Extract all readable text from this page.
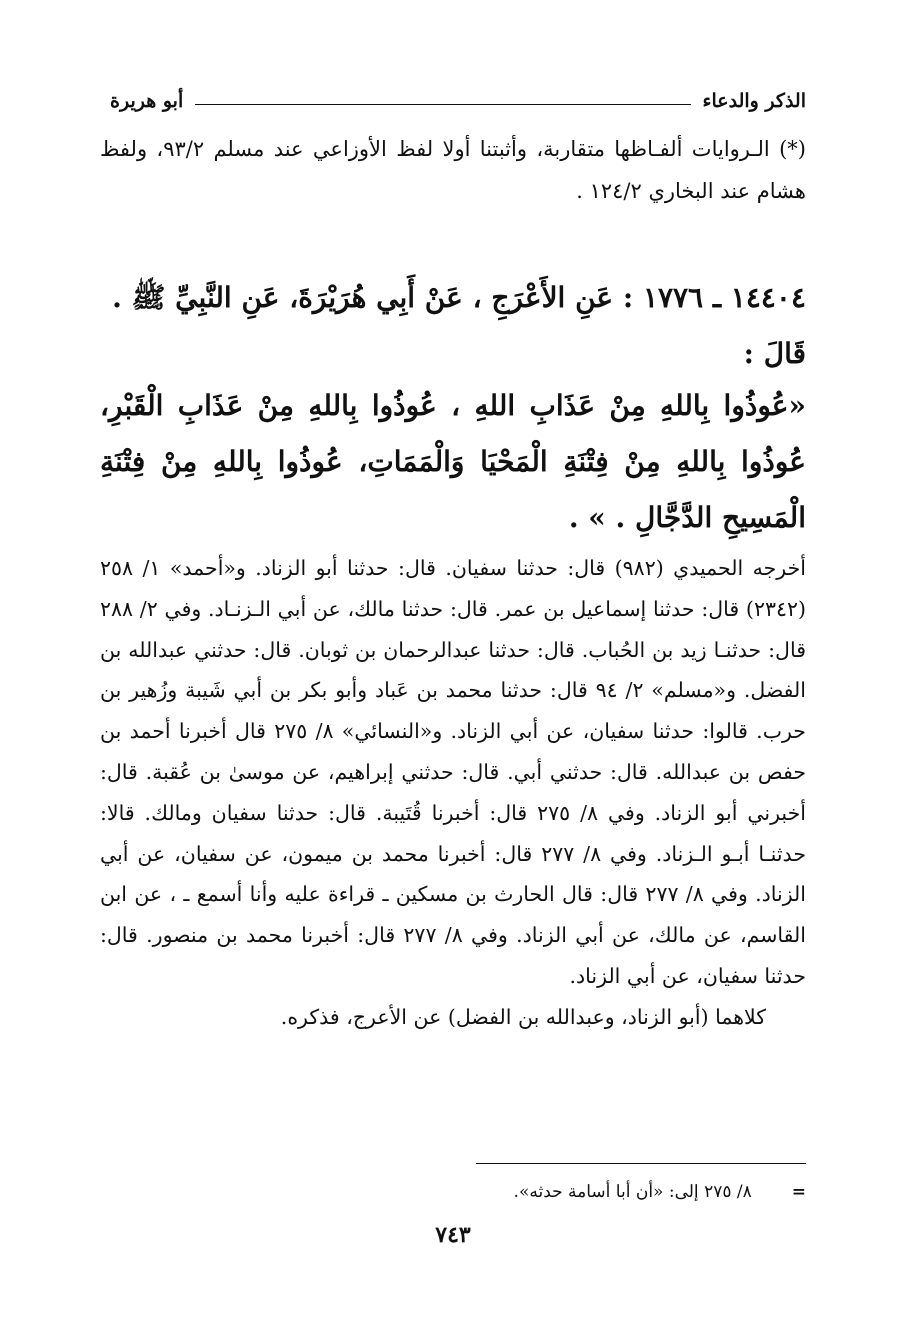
الذكر والدعاء
أبو هريرة
(*) الـروايات ألفـاظها متقاربة، وأثبتنا أولا لفظ الأوزاعي عند مسلم ٩٣/٢، ولفظ هشام عند البخاري ١٢٤/٢ .
١٤٤٠٤ ـ ١٧٧٦ : عَنِ الأَعْرَجِ ، عَنْ أَبِي هُرَيْرَةَ، عَنِ النَّبِيِّ ﷺ . قَالَ :
«عُوذُوا بِاللهِ مِنْ عَذَابِ اللهِ ، عُوذُوا بِاللهِ مِنْ عَذَابِ الْقَبْرِ، عُوذُوا بِاللهِ مِنْ فِتْنَةِ الْمَحْيَا وَالْمَمَاتِ، عُوذُوا بِاللهِ مِنْ فِتْنَةِ الْمَسِيحِ الدَّجَّالِ . » .

أخرجه الحميدي (٩٨٢) قال: حدثنا سفيان. قال: حدثنا أبو الزناد. و«أحمد» ١/ ٢٥٨ (٢٣٤٢) قال: حدثنا إسماعيل بن عمر. قال: حدثنا مالك، عن أبي الـزنـاد. وفي ٢/ ٢٨٨ قال: حدثنـا زيد بن الحُباب. قال: حدثنا عبدالرحمان بن ثوبان. قال: حدثني عبدالله بن الفضل. و«مسلم» ٢/ ٩٤ قال: حدثنا محمد بن عَباد وأبو بكر بن أبي شَيبة وزُهير بن حرب. قالوا: حدثنا سفيان، عن أبي الزناد. و«النسائي» ٨/ ٢٧٥ قال أخبرنا أحمد بن حفص بن عبدالله. قال: حدثني أبي. قال: حدثني إبراهيم، عن موسىٰ بن عُقبة. قال: أخبرني أبو الزناد. وفي ٨/ ٢٧٥ قال: أخبرنا قُتَيبة. قال: حدثنا سفيان ومالك. قالا: حدثنـا أبـو الـزناد. وفي ٨/ ٢٧٧ قال: أخبرنا محمد بن ميمون، عن سفيان، عن أبي الزناد. وفي ٨/ ٢٧٧ قال: قال الحارث بن مسكين ـ قراءة عليه وأنا أسمع ـ ، عن ابن القاسم، عن مالك، عن أبي الزناد. وفي ٨/ ٢٧٧ قال: أخبرنا محمد بن منصور. قال: حدثنا سفيان، عن أبي الزناد.

كلاهما (أبو الزناد، وعبدالله بن الفضل) عن الأعرج، فذكره.

=
٨/ ٢٧٥ إلى: «أن أبا أسامة حدثه».
٧٤٣
